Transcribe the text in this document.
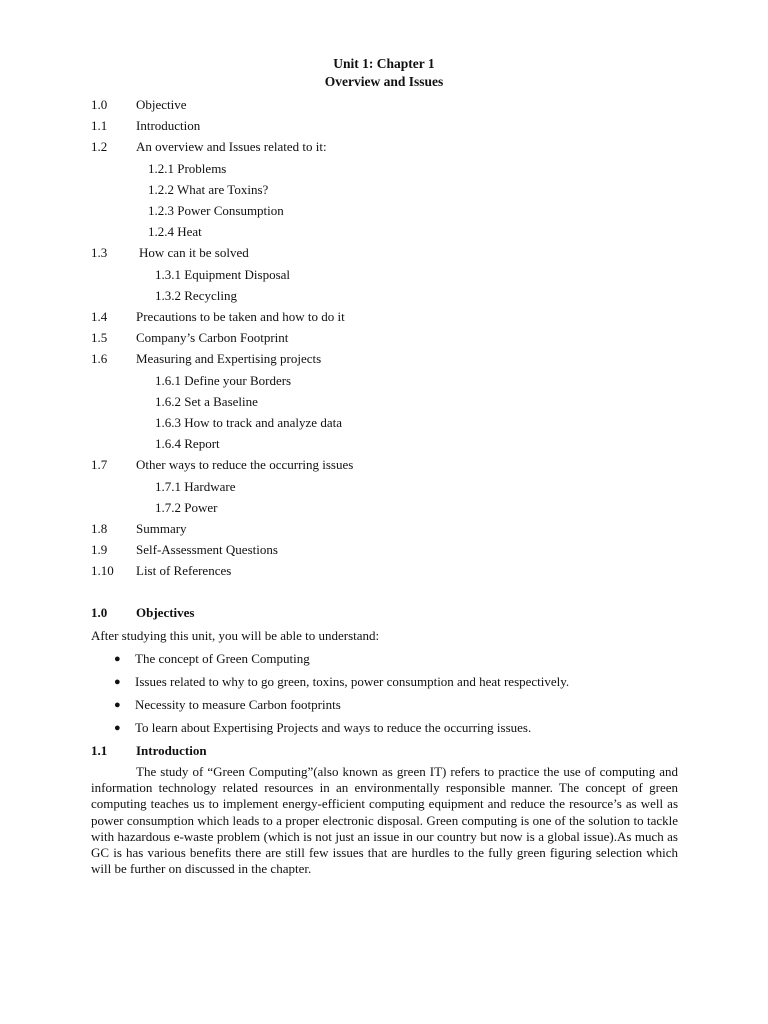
Unit 1: Chapter 1
Overview and Issues
1.0 Objective
1.1 Introduction
1.2 An overview and Issues related to it:
1.2.1 Problems
1.2.2 What are Toxins?
1.2.3 Power Consumption
1.2.4 Heat
1.3 How can it be solved
1.3.1 Equipment Disposal
1.3.2 Recycling
1.4 Precautions to be taken and how to do it
1.5 Company’s Carbon Footprint
1.6 Measuring and Expertising projects
1.6.1 Define your Borders
1.6.2 Set a Baseline
1.6.3 How to track and analyze data
1.6.4 Report
1.7 Other ways to reduce the occurring issues
1.7.1 Hardware
1.7.2 Power
1.8 Summary
1.9 Self-Assessment Questions
1.10 List of References
1.0 Objectives
After studying this unit, you will be able to understand:
● The concept of Green Computing
● Issues related to why to go green, toxins, power consumption and heat respectively.
● Necessity to measure Carbon footprints
● To learn about Expertising Projects and ways to reduce the occurring issues.
1.1 Introduction
The study of “Green Computing”(also known as green IT) refers to practice the use of computing and information technology related resources in an environmentally responsible manner. The concept of green computing teaches us to implement energy-efficient computing equipment and reduce the resource’s as well as power consumption which leads to a proper electronic disposal. Green computing is one of the solution to tackle with hazardous e-waste problem (which is not just an issue in our country but now is a global issue).As much as GC is has various benefits there are still few issues that are hurdles to the fully green figuring selection which will be further on discussed in the chapter.
